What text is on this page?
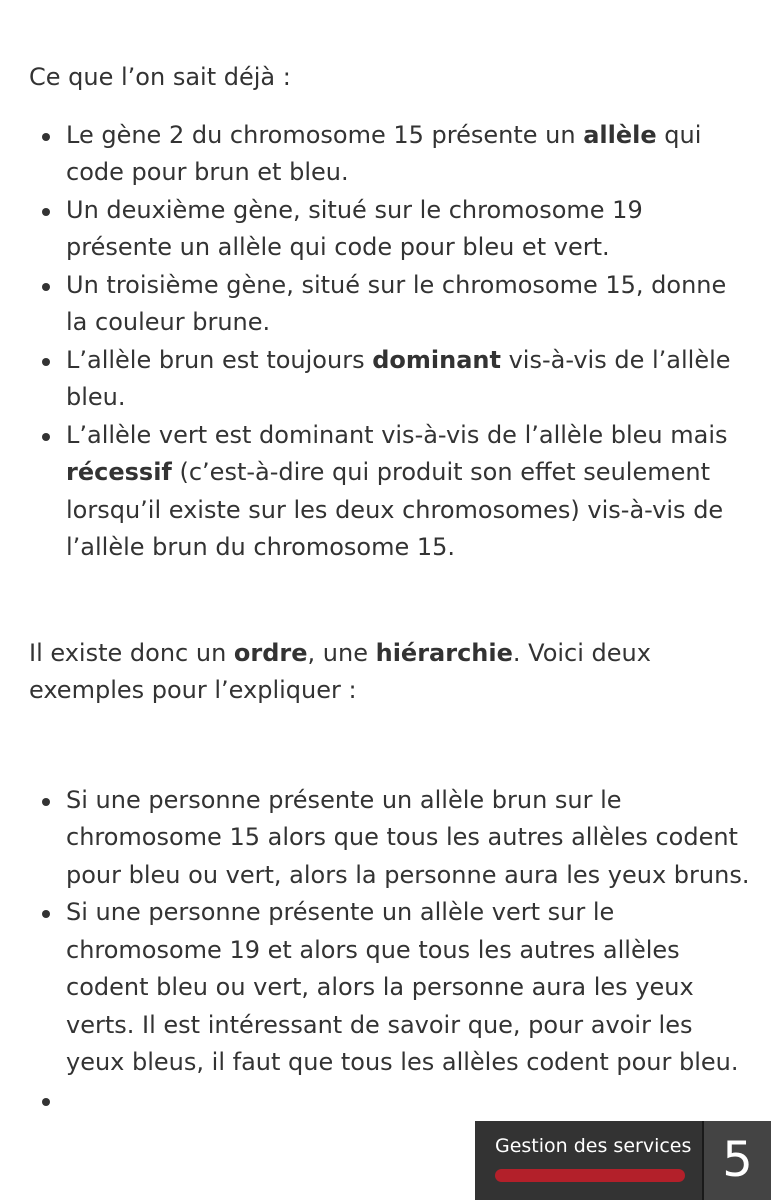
Ce que l’on sait déjà :

Le gène 2 du chromosome 15 présente un allèle qui code pour brun et bleu.
Un deuxième gène, situé sur le chromosome 19 présente un allèle qui code pour bleu et vert.
Un troisième gène, situé sur le chromosome 15, donne la couleur brune.
L’allèle brun est toujours dominant vis-à-vis de l’allèle bleu.
L’allèle vert est dominant vis-à-vis de l’allèle bleu mais récessif (c’est-à-dire qui produit son effet seulement lorsqu’il existe sur les deux chromosomes) vis-à-vis de l’allèle brun du chromosome 15.

Il existe donc un ordre, une hiérarchie. Voici deux exemples pour l’expliquer :

Si une personne présente un allèle brun sur le chromosome 15 alors que tous les autres allèles codent pour bleu ou vert, alors la personne aura les yeux bruns.
Si une personne présente un allèle vert sur le chromosome 19 et alors que tous les autres allèles codent bleu ou vert, alors la personne aura les yeux verts. Il est intéressant de savoir que, pour avoir les yeux bleus, il faut que tous les allèles codent pour bleu.

Gestion des services 5
